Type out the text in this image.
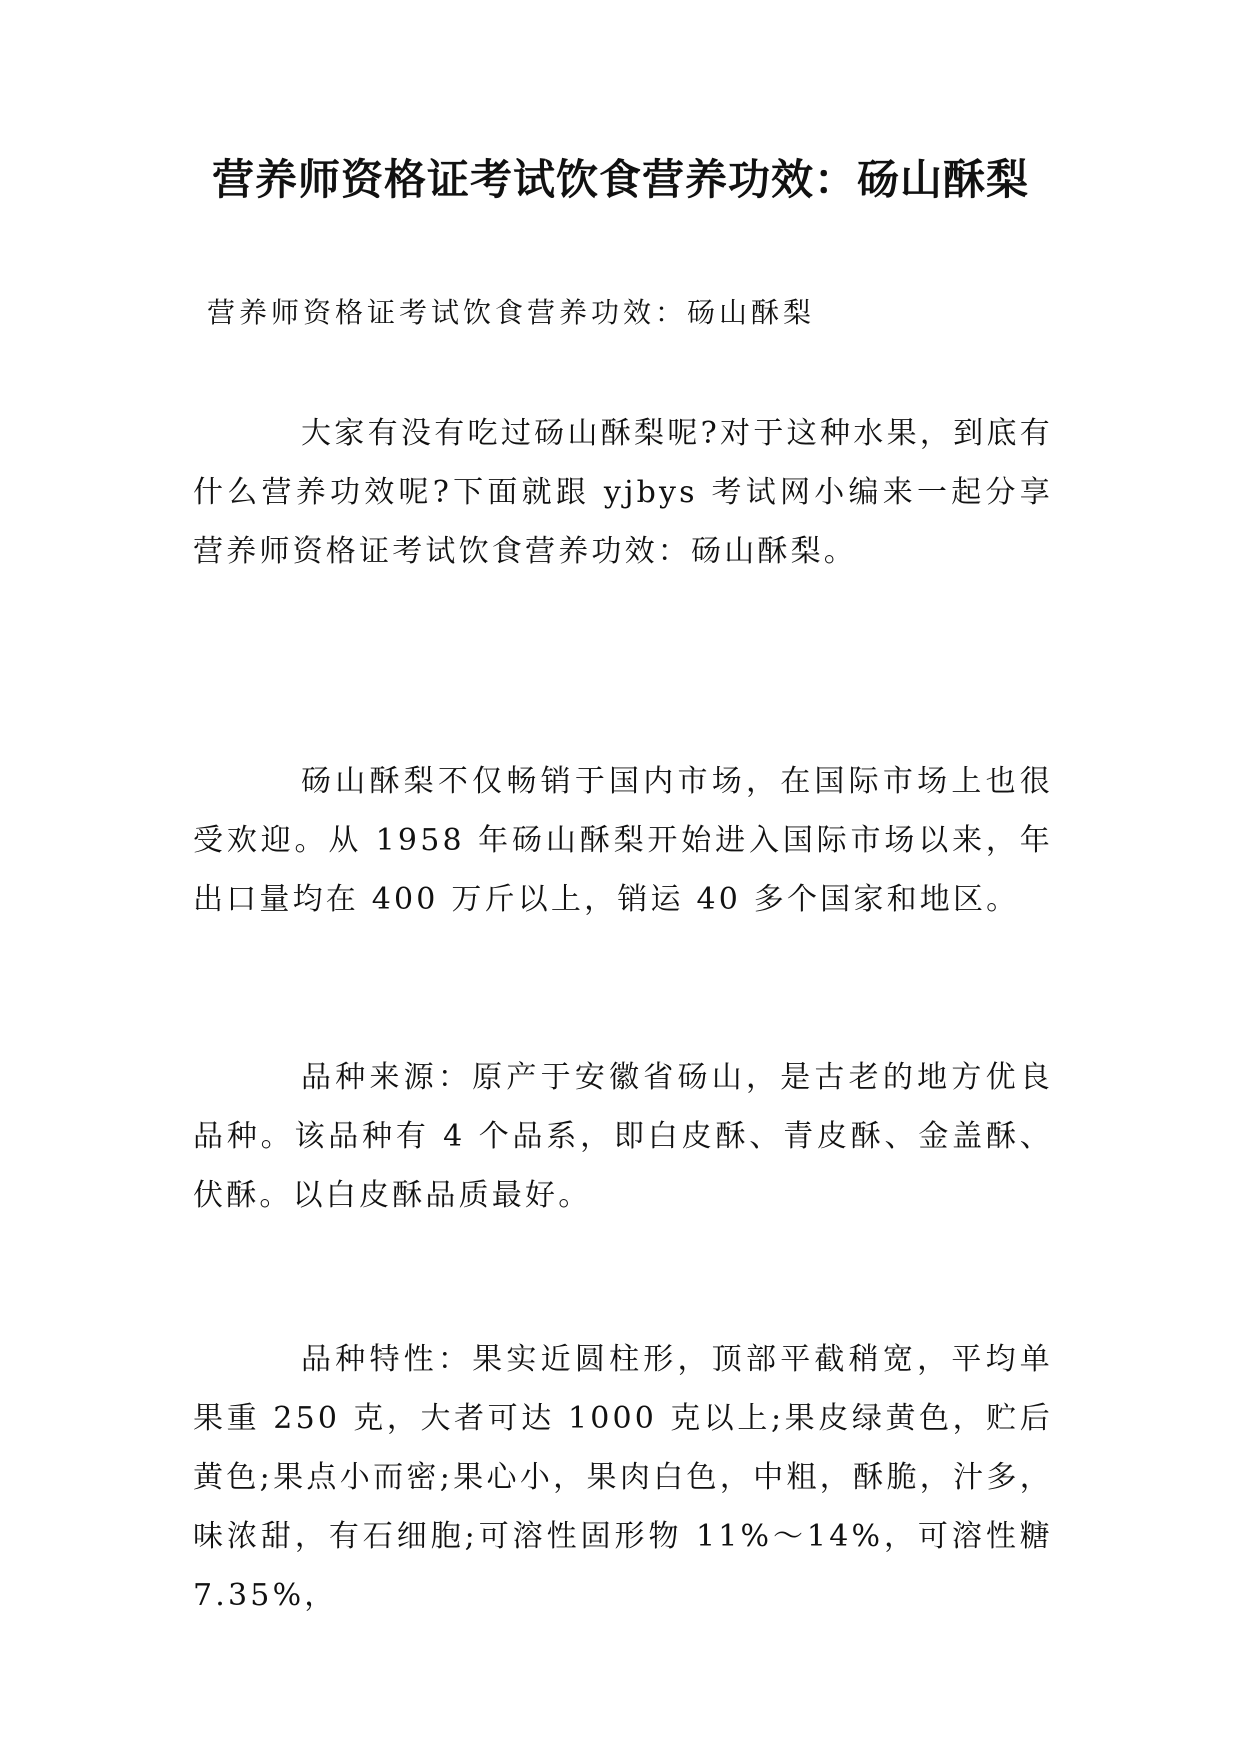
营养师资格证考试饮食营养功效：砀山酥梨

营养师资格证考试饮食营养功效：砀山酥梨

大家有没有吃过砀山酥梨呢?对于这种水果，到底有什么营养功效呢?下面就跟 yjbys 考试网小编来一起分享营养师资格证考试饮食营养功效：砀山酥梨。

砀山酥梨不仅畅销于国内市场，在国际市场上也很受欢迎。从 1958 年砀山酥梨开始进入国际市场以来，年出口量均在 400 万斤以上，销运 40 多个国家和地区。

品种来源：原产于安徽省砀山，是古老的地方优良品种。该品种有 4 个品系，即白皮酥、青皮酥、金盖酥、伏酥。以白皮酥品质最好。

品种特性：果实近圆柱形，顶部平截稍宽，平均单果重 250 克，大者可达 1000 克以上;果皮绿黄色，贮后黄色;果点小而密;果心小，果肉白色，中粗，酥脆，汁多，味浓甜，有石细胞;可溶性固形物 11%～14%，可溶性糖 7.35%，
